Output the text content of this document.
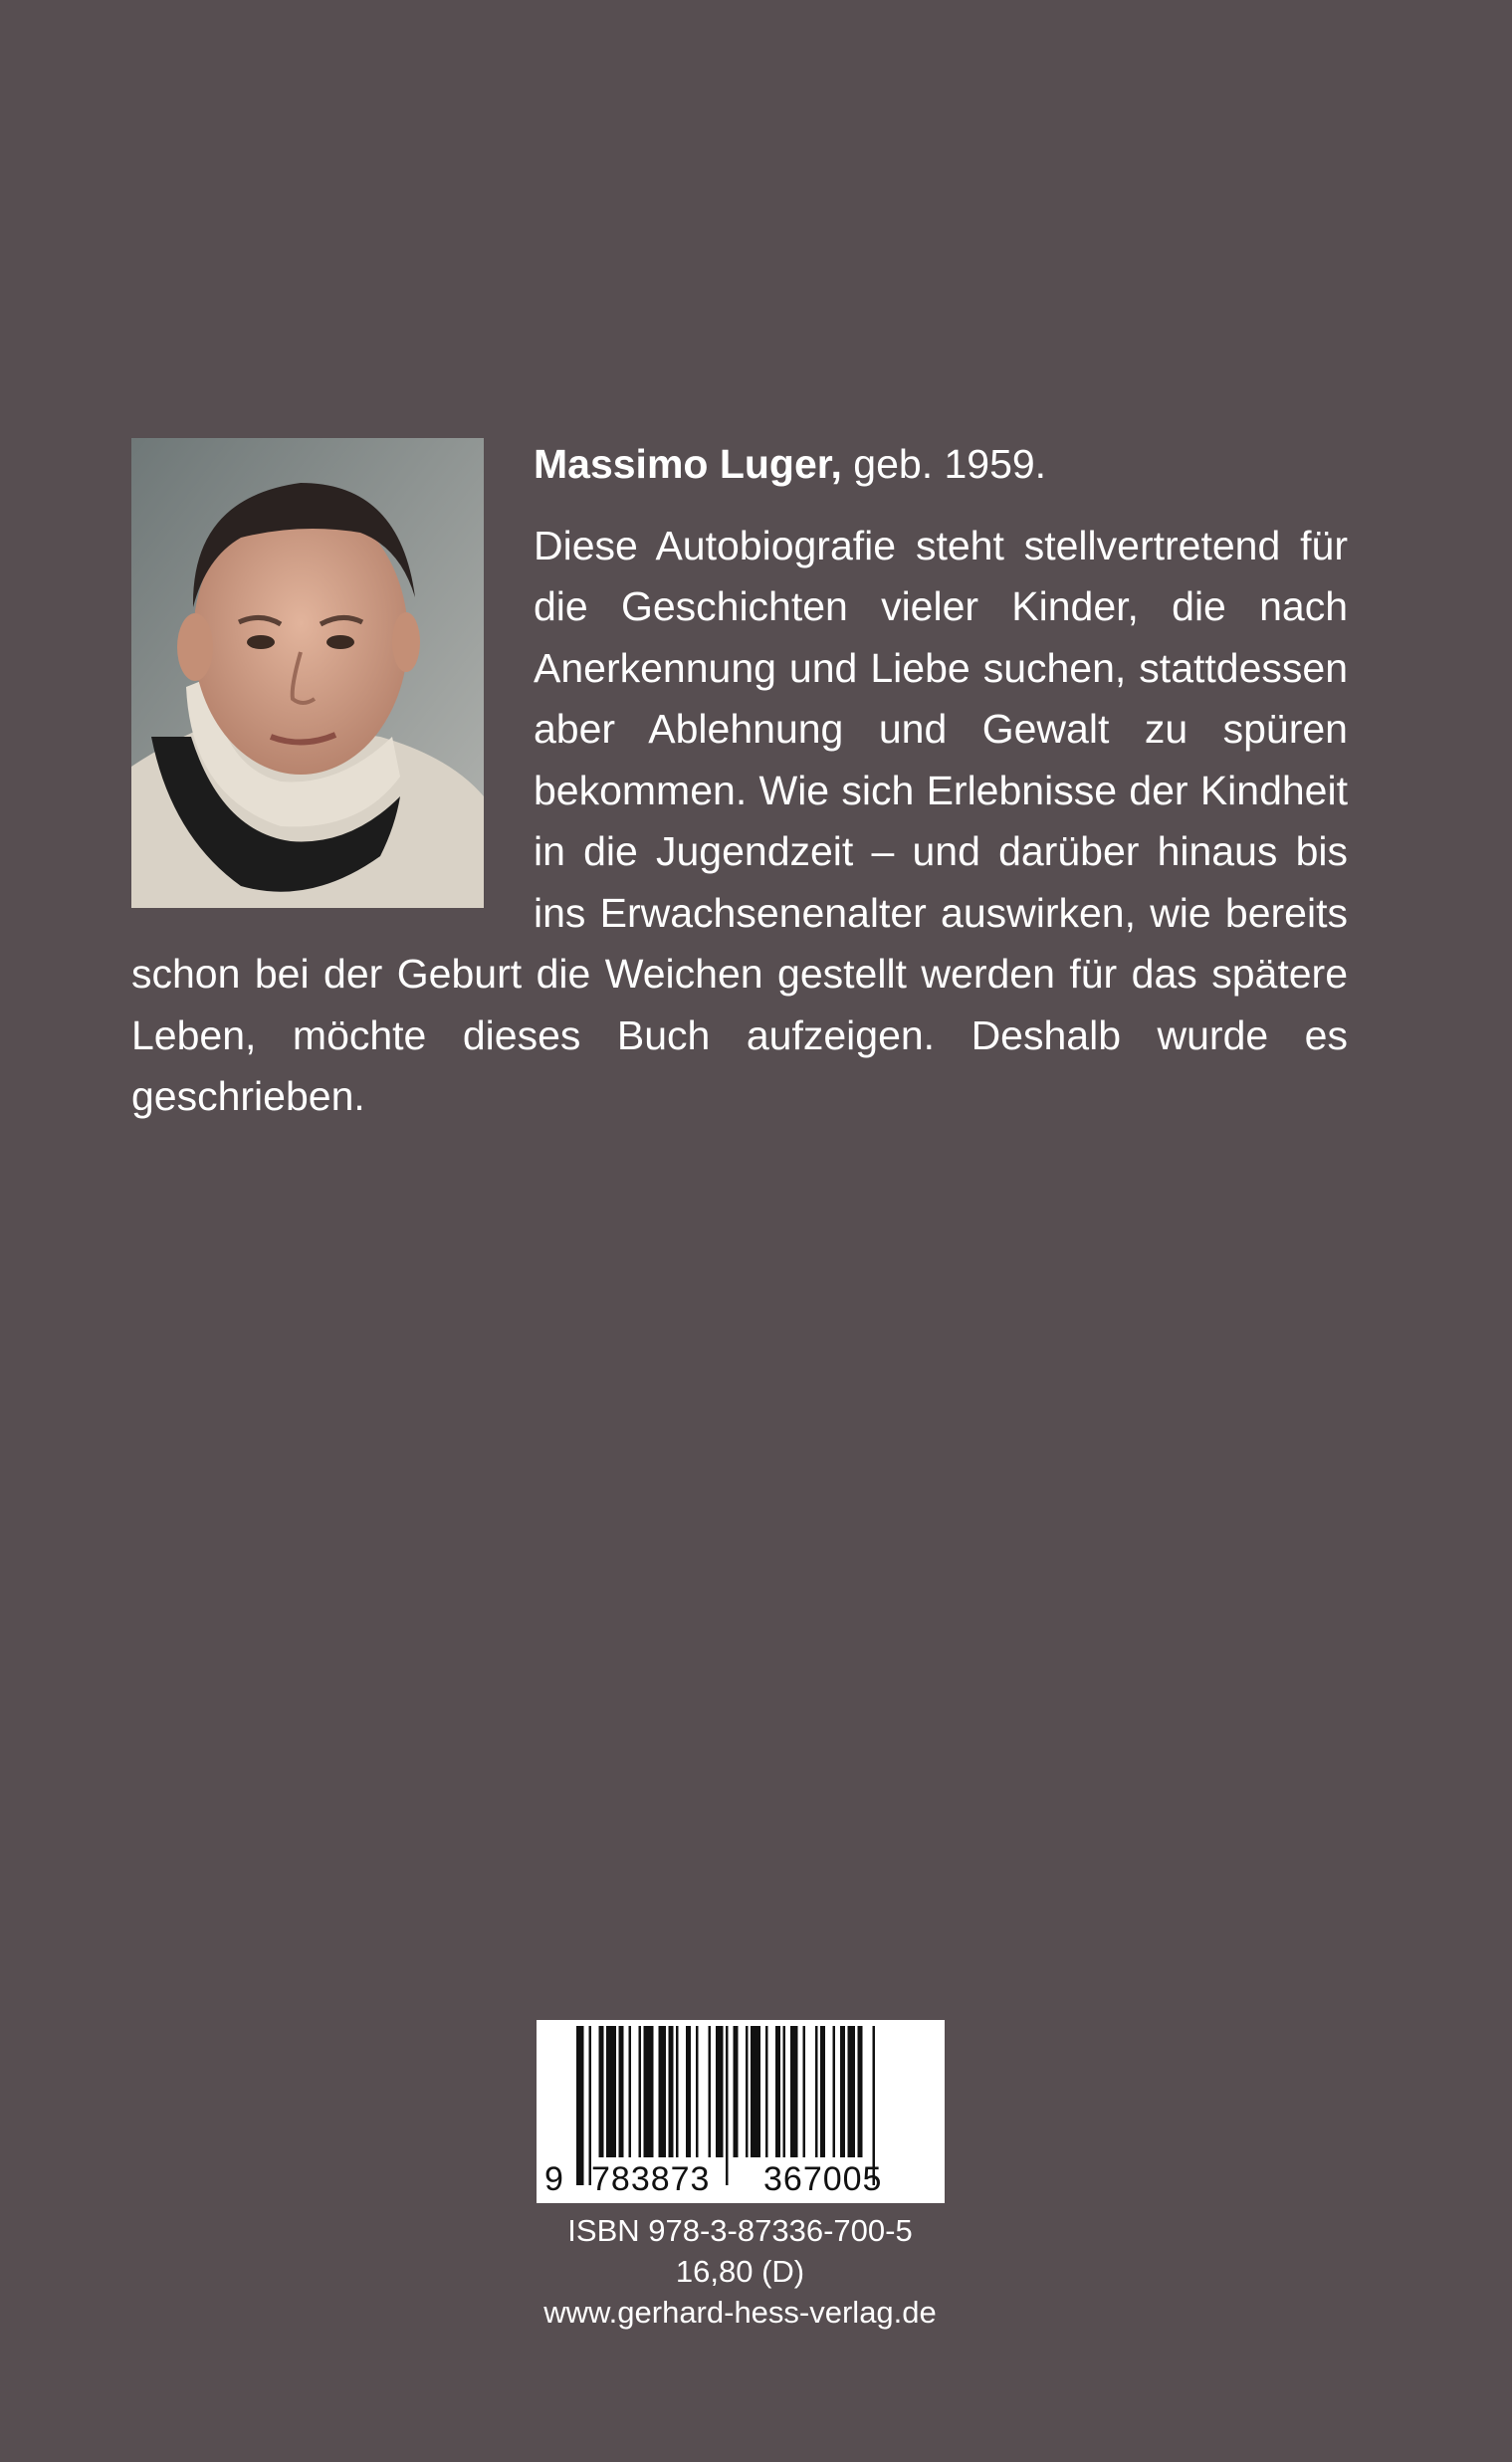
Massimo Luger, geb. 1959.

Diese Autobiografie steht stellvertretend für die Geschichten vieler Kinder, die nach Anerkennung und Liebe suchen, stattdessen aber Ablehnung und Gewalt zu spüren bekommen. Wie sich Erlebnisse der Kindheit in die Jugendzeit – und darüber hinaus bis ins Erwachsenenalter auswirken, wie bereits schon bei der Geburt die Weichen gestellt werden für das spätere Leben, möchte dieses Buch aufzeigen. Deshalb wurde es geschrieben.

9 783873 367005
ISBN 978-3-87336-700-5
16,80 (D)
www.gerhard-hess-verlag.de
